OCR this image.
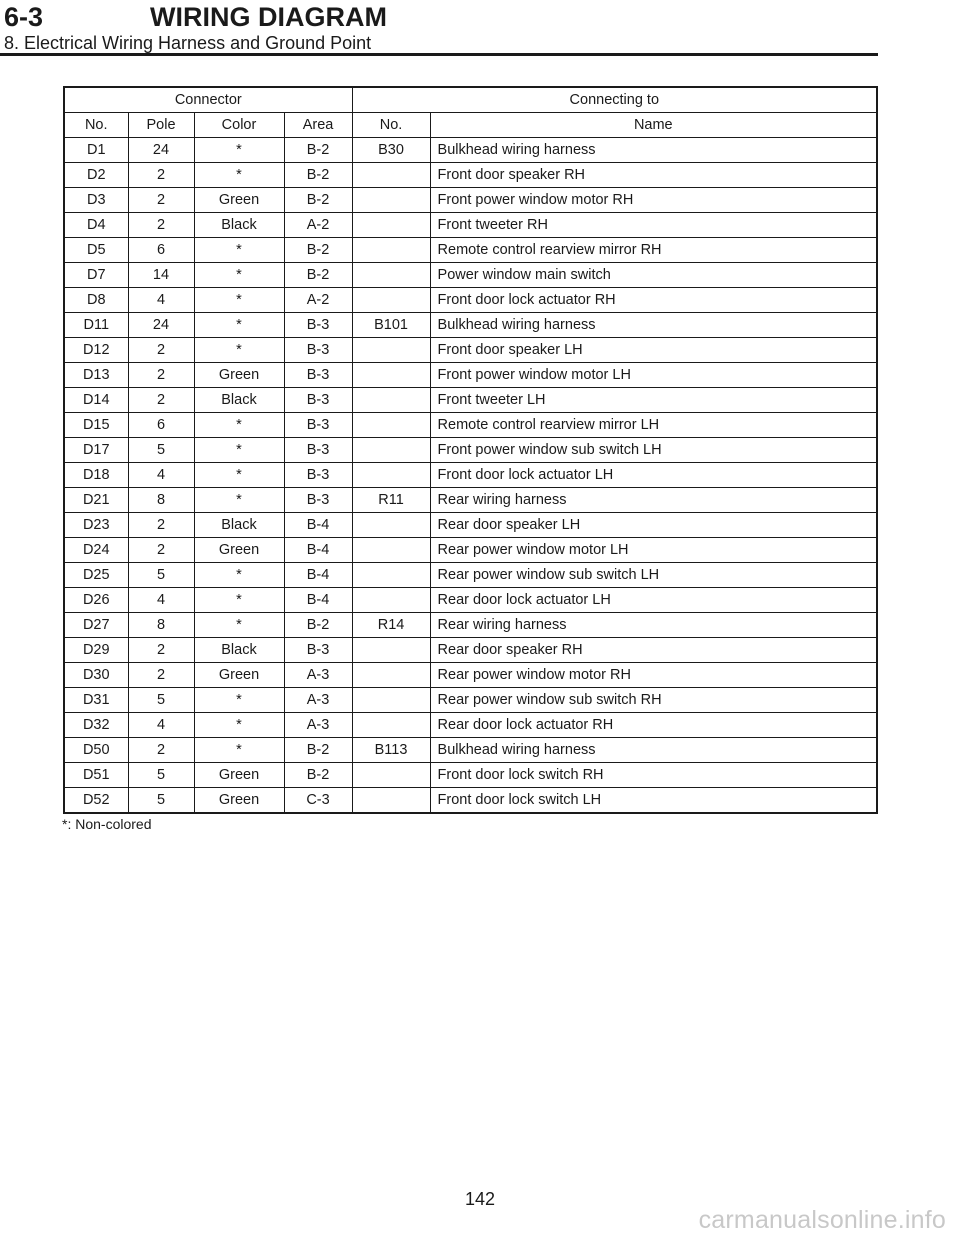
6-3	WIRING DIAGRAM
8. Electrical Wiring Harness and Ground Point
Connector				Connecting to	
No.	Pole	Color	Area	No.	Name
D1	24	*	B-2	B30	Bulkhead wiring harness
D2	2	*	B-2		Front door speaker RH
D3	2	Green	B-2		Front power window motor RH
D4	2	Black	A-2		Front tweeter RH
D5	6	*	B-2		Remote control rearview mirror RH
D7	14	*	B-2		Power window main switch
D8	4	*	A-2		Front door lock actuator RH
D11	24	*	B-3	B101	Bulkhead wiring harness
D12	2	*	B-3		Front door speaker LH
D13	2	Green	B-3		Front power window motor LH
D14	2	Black	B-3		Front tweeter LH
D15	6	*	B-3		Remote control rearview mirror LH
D17	5	*	B-3		Front power window sub switch LH
D18	4	*	B-3		Front door lock actuator LH
D21	8	*	B-3	R11	Rear wiring harness
D23	2	Black	B-4		Rear door speaker LH
D24	2	Green	B-4		Rear power window motor LH
D25	5	*	B-4		Rear power window sub switch LH
D26	4	*	B-4		Rear door lock actuator LH
D27	8	*	B-2	R14	Rear wiring harness
D29	2	Black	B-3		Rear door speaker RH
D30	2	Green	A-3		Rear power window motor RH
D31	5	*	A-3		Rear power window sub switch RH
D32	4	*	A-3		Rear door lock actuator RH
D50	2	*	B-2	B113	Bulkhead wiring harness
D51	5	Green	B-2		Front door lock switch RH
D52	5	Green	C-3		Front door lock switch LH
*: Non-colored
142
carmanualsonline.info
